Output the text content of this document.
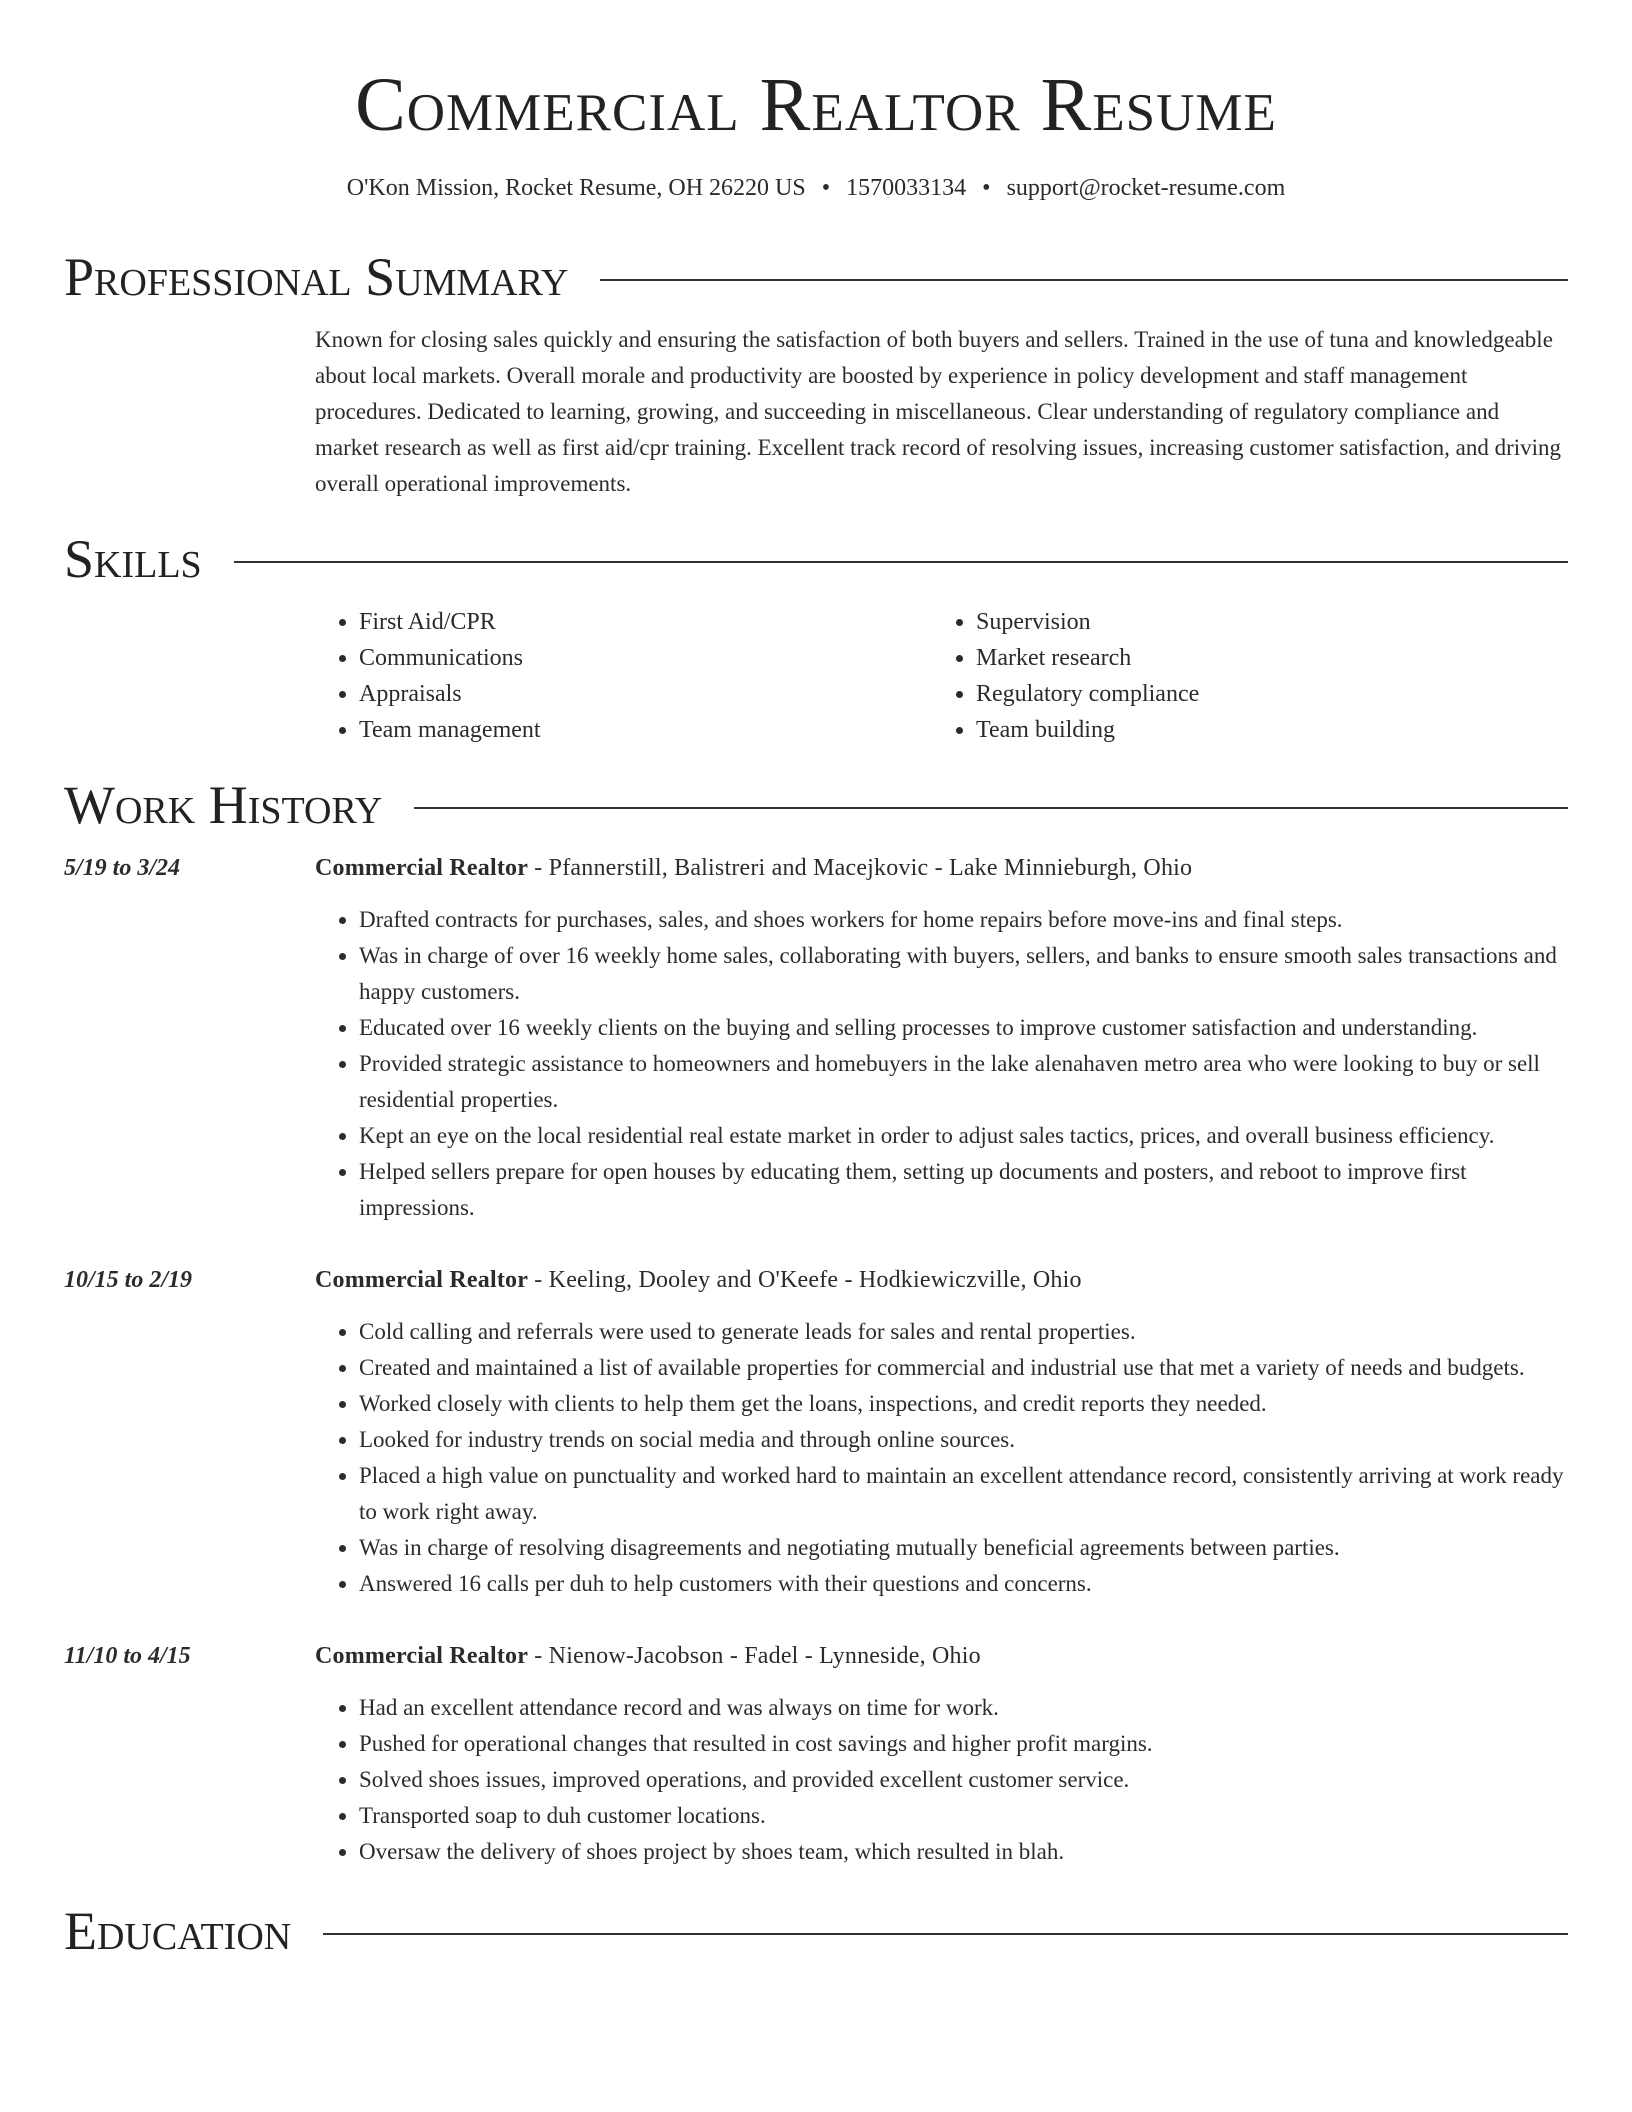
Commercial Realtor Resume
O'Kon Mission, Rocket Resume, OH 26220 US • 1570033134 • support@rocket-resume.com
Professional Summary
Known for closing sales quickly and ensuring the satisfaction of both buyers and sellers. Trained in the use of tuna and knowledgeable about local markets. Overall morale and productivity are boosted by experience in policy development and staff management procedures. Dedicated to learning, growing, and succeeding in miscellaneous. Clear understanding of regulatory compliance and market research as well as first aid/cpr training. Excellent track record of resolving issues, increasing customer satisfaction, and driving overall operational improvements.
Skills
• First Aid/CPR
• Communications
• Appraisals
• Team management
• Supervision
• Market research
• Regulatory compliance
• Team building
Work History
5/19 to 3/24	Commercial Realtor - Pfannerstill, Balistreri and Macejkovic - Lake Minnieburgh, Ohio
• Drafted contracts for purchases, sales, and shoes workers for home repairs before move-ins and final steps.
• Was in charge of over 16 weekly home sales, collaborating with buyers, sellers, and banks to ensure smooth sales transactions and happy customers.
• Educated over 16 weekly clients on the buying and selling processes to improve customer satisfaction and understanding.
• Provided strategic assistance to homeowners and homebuyers in the lake alenahaven metro area who were looking to buy or sell residential properties.
• Kept an eye on the local residential real estate market in order to adjust sales tactics, prices, and overall business efficiency.
• Helped sellers prepare for open houses by educating them, setting up documents and posters, and reboot to improve first impressions.
10/15 to 2/19	Commercial Realtor - Keeling, Dooley and O'Keefe - Hodkiewiczville, Ohio
• Cold calling and referrals were used to generate leads for sales and rental properties.
• Created and maintained a list of available properties for commercial and industrial use that met a variety of needs and budgets.
• Worked closely with clients to help them get the loans, inspections, and credit reports they needed.
• Looked for industry trends on social media and through online sources.
• Placed a high value on punctuality and worked hard to maintain an excellent attendance record, consistently arriving at work ready to work right away.
• Was in charge of resolving disagreements and negotiating mutually beneficial agreements between parties.
• Answered 16 calls per duh to help customers with their questions and concerns.
11/10 to 4/15	Commercial Realtor - Nienow-Jacobson - Fadel - Lynneside, Ohio
• Had an excellent attendance record and was always on time for work.
• Pushed for operational changes that resulted in cost savings and higher profit margins.
• Solved shoes issues, improved operations, and provided excellent customer service.
• Transported soap to duh customer locations.
• Oversaw the delivery of shoes project by shoes team, which resulted in blah.
Education
